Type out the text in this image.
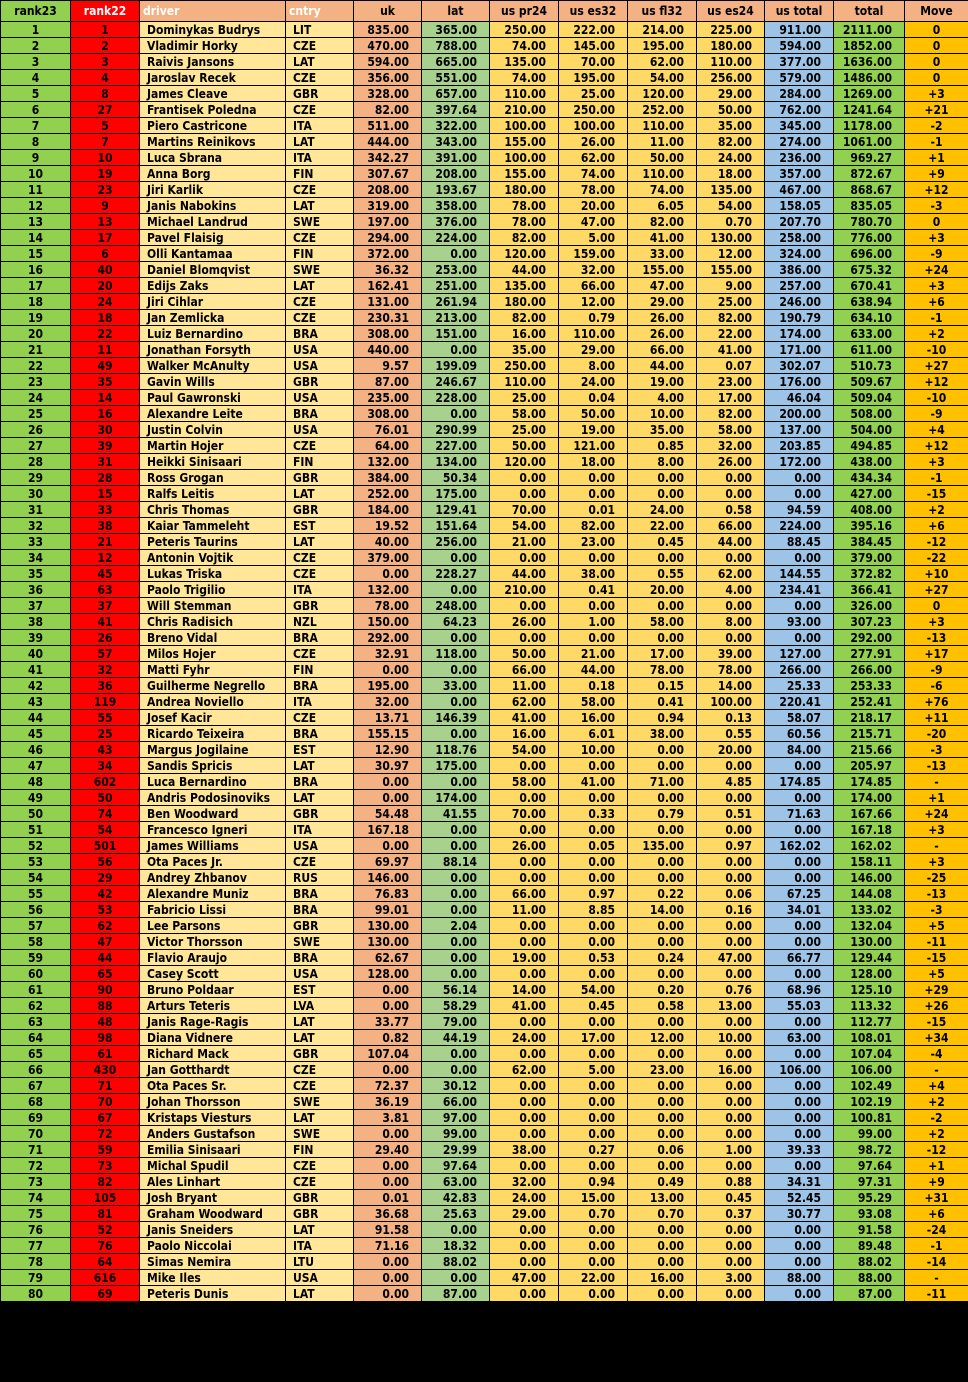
rank23	rank22	driver	cntry	uk	lat	us pr24	us es32	us fl32	us es24	us total	total	Move
1	1	Dominykas Budrys	LIT	835.00	365.00	250.00	222.00	214.00	225.00	911.00	2111.00	0
2	2	Vladimir Horky	CZE	470.00	788.00	74.00	145.00	195.00	180.00	594.00	1852.00	0
3	3	Raivis Jansons	LAT	594.00	665.00	135.00	70.00	62.00	110.00	377.00	1636.00	0
4	4	Jaroslav Recek	CZE	356.00	551.00	74.00	195.00	54.00	256.00	579.00	1486.00	0
5	8	James Cleave	GBR	328.00	657.00	110.00	25.00	120.00	29.00	284.00	1269.00	+3
6	27	Frantisek Poledna	CZE	82.00	397.64	210.00	250.00	252.00	50.00	762.00	1241.64	+21
7	5	Piero Castricone	ITA	511.00	322.00	100.00	100.00	110.00	35.00	345.00	1178.00	-2
8	7	Martins Reinikovs	LAT	444.00	343.00	155.00	26.00	11.00	82.00	274.00	1061.00	-1
9	10	Luca Sbrana	ITA	342.27	391.00	100.00	62.00	50.00	24.00	236.00	969.27	+1
10	19	Anna Borg	FIN	307.67	208.00	155.00	74.00	110.00	18.00	357.00	872.67	+9
11	23	Jiri Karlik	CZE	208.00	193.67	180.00	78.00	74.00	135.00	467.00	868.67	+12
12	9	Janis Nabokins	LAT	319.00	358.00	78.00	20.00	6.05	54.00	158.05	835.05	-3
13	13	Michael Landrud	SWE	197.00	376.00	78.00	47.00	82.00	0.70	207.70	780.70	0
14	17	Pavel Flaisig	CZE	294.00	224.00	82.00	5.00	41.00	130.00	258.00	776.00	+3
15	6	Olli Kantamaa	FIN	372.00	0.00	120.00	159.00	33.00	12.00	324.00	696.00	-9
16	40	Daniel Blomqvist	SWE	36.32	253.00	44.00	32.00	155.00	155.00	386.00	675.32	+24
17	20	Edijs Zaks	LAT	162.41	251.00	135.00	66.00	47.00	9.00	257.00	670.41	+3
18	24	Jiri Cihlar	CZE	131.00	261.94	180.00	12.00	29.00	25.00	246.00	638.94	+6
19	18	Jan Zemlicka	CZE	230.31	213.00	82.00	0.79	26.00	82.00	190.79	634.10	-1
20	22	Luiz Bernardino	BRA	308.00	151.00	16.00	110.00	26.00	22.00	174.00	633.00	+2
21	11	Jonathan Forsyth	USA	440.00	0.00	35.00	29.00	66.00	41.00	171.00	611.00	-10
22	49	Walker McAnulty	USA	9.57	199.09	250.00	8.00	44.00	0.07	302.07	510.73	+27
23	35	Gavin Wills	GBR	87.00	246.67	110.00	24.00	19.00	23.00	176.00	509.67	+12
24	14	Paul Gawronski	USA	235.00	228.00	25.00	0.04	4.00	17.00	46.04	509.04	-10
25	16	Alexandre Leite	BRA	308.00	0.00	58.00	50.00	10.00	82.00	200.00	508.00	-9
26	30	Justin Colvin	USA	76.01	290.99	25.00	19.00	35.00	58.00	137.00	504.00	+4
27	39	Martin Hojer	CZE	64.00	227.00	50.00	121.00	0.85	32.00	203.85	494.85	+12
28	31	Heikki Sinisaari	FIN	132.00	134.00	120.00	18.00	8.00	26.00	172.00	438.00	+3
29	28	Ross Grogan	GBR	384.00	50.34	0.00	0.00	0.00	0.00	0.00	434.34	-1
30	15	Ralfs Leitis	LAT	252.00	175.00	0.00	0.00	0.00	0.00	0.00	427.00	-15
31	33	Chris Thomas	GBR	184.00	129.41	70.00	0.01	24.00	0.58	94.59	408.00	+2
32	38	Kaiar Tammeleht	EST	19.52	151.64	54.00	82.00	22.00	66.00	224.00	395.16	+6
33	21	Peteris Taurins	LAT	40.00	256.00	21.00	23.00	0.45	44.00	88.45	384.45	-12
34	12	Antonin Vojtik	CZE	379.00	0.00	0.00	0.00	0.00	0.00	0.00	379.00	-22
35	45	Lukas Triska	CZE	0.00	228.27	44.00	38.00	0.55	62.00	144.55	372.82	+10
36	63	Paolo Trigilio	ITA	132.00	0.00	210.00	0.41	20.00	4.00	234.41	366.41	+27
37	37	Will Stemman	GBR	78.00	248.00	0.00	0.00	0.00	0.00	0.00	326.00	0
38	41	Chris Radisich	NZL	150.00	64.23	26.00	1.00	58.00	8.00	93.00	307.23	+3
39	26	Breno Vidal	BRA	292.00	0.00	0.00	0.00	0.00	0.00	0.00	292.00	-13
40	57	Milos Hojer	CZE	32.91	118.00	50.00	21.00	17.00	39.00	127.00	277.91	+17
41	32	Matti Fyhr	FIN	0.00	0.00	66.00	44.00	78.00	78.00	266.00	266.00	-9
42	36	Guilherme Negrello	BRA	195.00	33.00	11.00	0.18	0.15	14.00	25.33	253.33	-6
43	119	Andrea Noviello	ITA	32.00	0.00	62.00	58.00	0.41	100.00	220.41	252.41	+76
44	55	Josef Kacir	CZE	13.71	146.39	41.00	16.00	0.94	0.13	58.07	218.17	+11
45	25	Ricardo Teixeira	BRA	155.15	0.00	16.00	6.01	38.00	0.55	60.56	215.71	-20
46	43	Margus Jogilaine	EST	12.90	118.76	54.00	10.00	0.00	20.00	84.00	215.66	-3
47	34	Sandis Spricis	LAT	30.97	175.00	0.00	0.00	0.00	0.00	0.00	205.97	-13
48	602	Luca Bernardino	BRA	0.00	0.00	58.00	41.00	71.00	4.85	174.85	174.85	-
49	50	Andris Podosinoviks	LAT	0.00	174.00	0.00	0.00	0.00	0.00	0.00	174.00	+1
50	74	Ben Woodward	GBR	54.48	41.55	70.00	0.33	0.79	0.51	71.63	167.66	+24
51	54	Francesco Igneri	ITA	167.18	0.00	0.00	0.00	0.00	0.00	0.00	167.18	+3
52	501	James Williams	USA	0.00	0.00	26.00	0.05	135.00	0.97	162.02	162.02	-
53	56	Ota Paces Jr.	CZE	69.97	88.14	0.00	0.00	0.00	0.00	0.00	158.11	+3
54	29	Andrey Zhbanov	RUS	146.00	0.00	0.00	0.00	0.00	0.00	0.00	146.00	-25
55	42	Alexandre Muniz	BRA	76.83	0.00	66.00	0.97	0.22	0.06	67.25	144.08	-13
56	53	Fabricio Lissi	BRA	99.01	0.00	11.00	8.85	14.00	0.16	34.01	133.02	-3
57	62	Lee Parsons	GBR	130.00	2.04	0.00	0.00	0.00	0.00	0.00	132.04	+5
58	47	Victor Thorsson	SWE	130.00	0.00	0.00	0.00	0.00	0.00	0.00	130.00	-11
59	44	Flavio Araujo	BRA	62.67	0.00	19.00	0.53	0.24	47.00	66.77	129.44	-15
60	65	Casey Scott	USA	128.00	0.00	0.00	0.00	0.00	0.00	0.00	128.00	+5
61	90	Bruno Poldaar	EST	0.00	56.14	14.00	54.00	0.20	0.76	68.96	125.10	+29
62	88	Arturs Teteris	LVA	0.00	58.29	41.00	0.45	0.58	13.00	55.03	113.32	+26
63	48	Janis Rage-Ragis	LAT	33.77	79.00	0.00	0.00	0.00	0.00	0.00	112.77	-15
64	98	Diana Vidnere	LAT	0.82	44.19	24.00	17.00	12.00	10.00	63.00	108.01	+34
65	61	Richard Mack	GBR	107.04	0.00	0.00	0.00	0.00	0.00	0.00	107.04	-4
66	430	Jan Gotthardt	CZE	0.00	0.00	62.00	5.00	23.00	16.00	106.00	106.00	-
67	71	Ota Paces Sr.	CZE	72.37	30.12	0.00	0.00	0.00	0.00	0.00	102.49	+4
68	70	Johan Thorsson	SWE	36.19	66.00	0.00	0.00	0.00	0.00	0.00	102.19	+2
69	67	Kristaps Viesturs	LAT	3.81	97.00	0.00	0.00	0.00	0.00	0.00	100.81	-2
70	72	Anders Gustafson	SWE	0.00	99.00	0.00	0.00	0.00	0.00	0.00	99.00	+2
71	59	Emilia Sinisaari	FIN	29.40	29.99	38.00	0.27	0.06	1.00	39.33	98.72	-12
72	73	Michal Spudil	CZE	0.00	97.64	0.00	0.00	0.00	0.00	0.00	97.64	+1
73	82	Ales Linhart	CZE	0.00	63.00	32.00	0.94	0.49	0.88	34.31	97.31	+9
74	105	Josh Bryant	GBR	0.01	42.83	24.00	15.00	13.00	0.45	52.45	95.29	+31
75	81	Graham Woodward	GBR	36.68	25.63	29.00	0.70	0.70	0.37	30.77	93.08	+6
76	52	Janis Sneiders	LAT	91.58	0.00	0.00	0.00	0.00	0.00	0.00	91.58	-24
77	76	Paolo Niccolai	ITA	71.16	18.32	0.00	0.00	0.00	0.00	0.00	89.48	-1
78	64	Simas Nemira	LTU	0.00	88.02	0.00	0.00	0.00	0.00	0.00	88.02	-14
79	616	Mike Iles	USA	0.00	0.00	47.00	22.00	16.00	3.00	88.00	88.00	-
80	69	Peteris Dunis	LAT	0.00	87.00	0.00	0.00	0.00	0.00	0.00	87.00	-11
